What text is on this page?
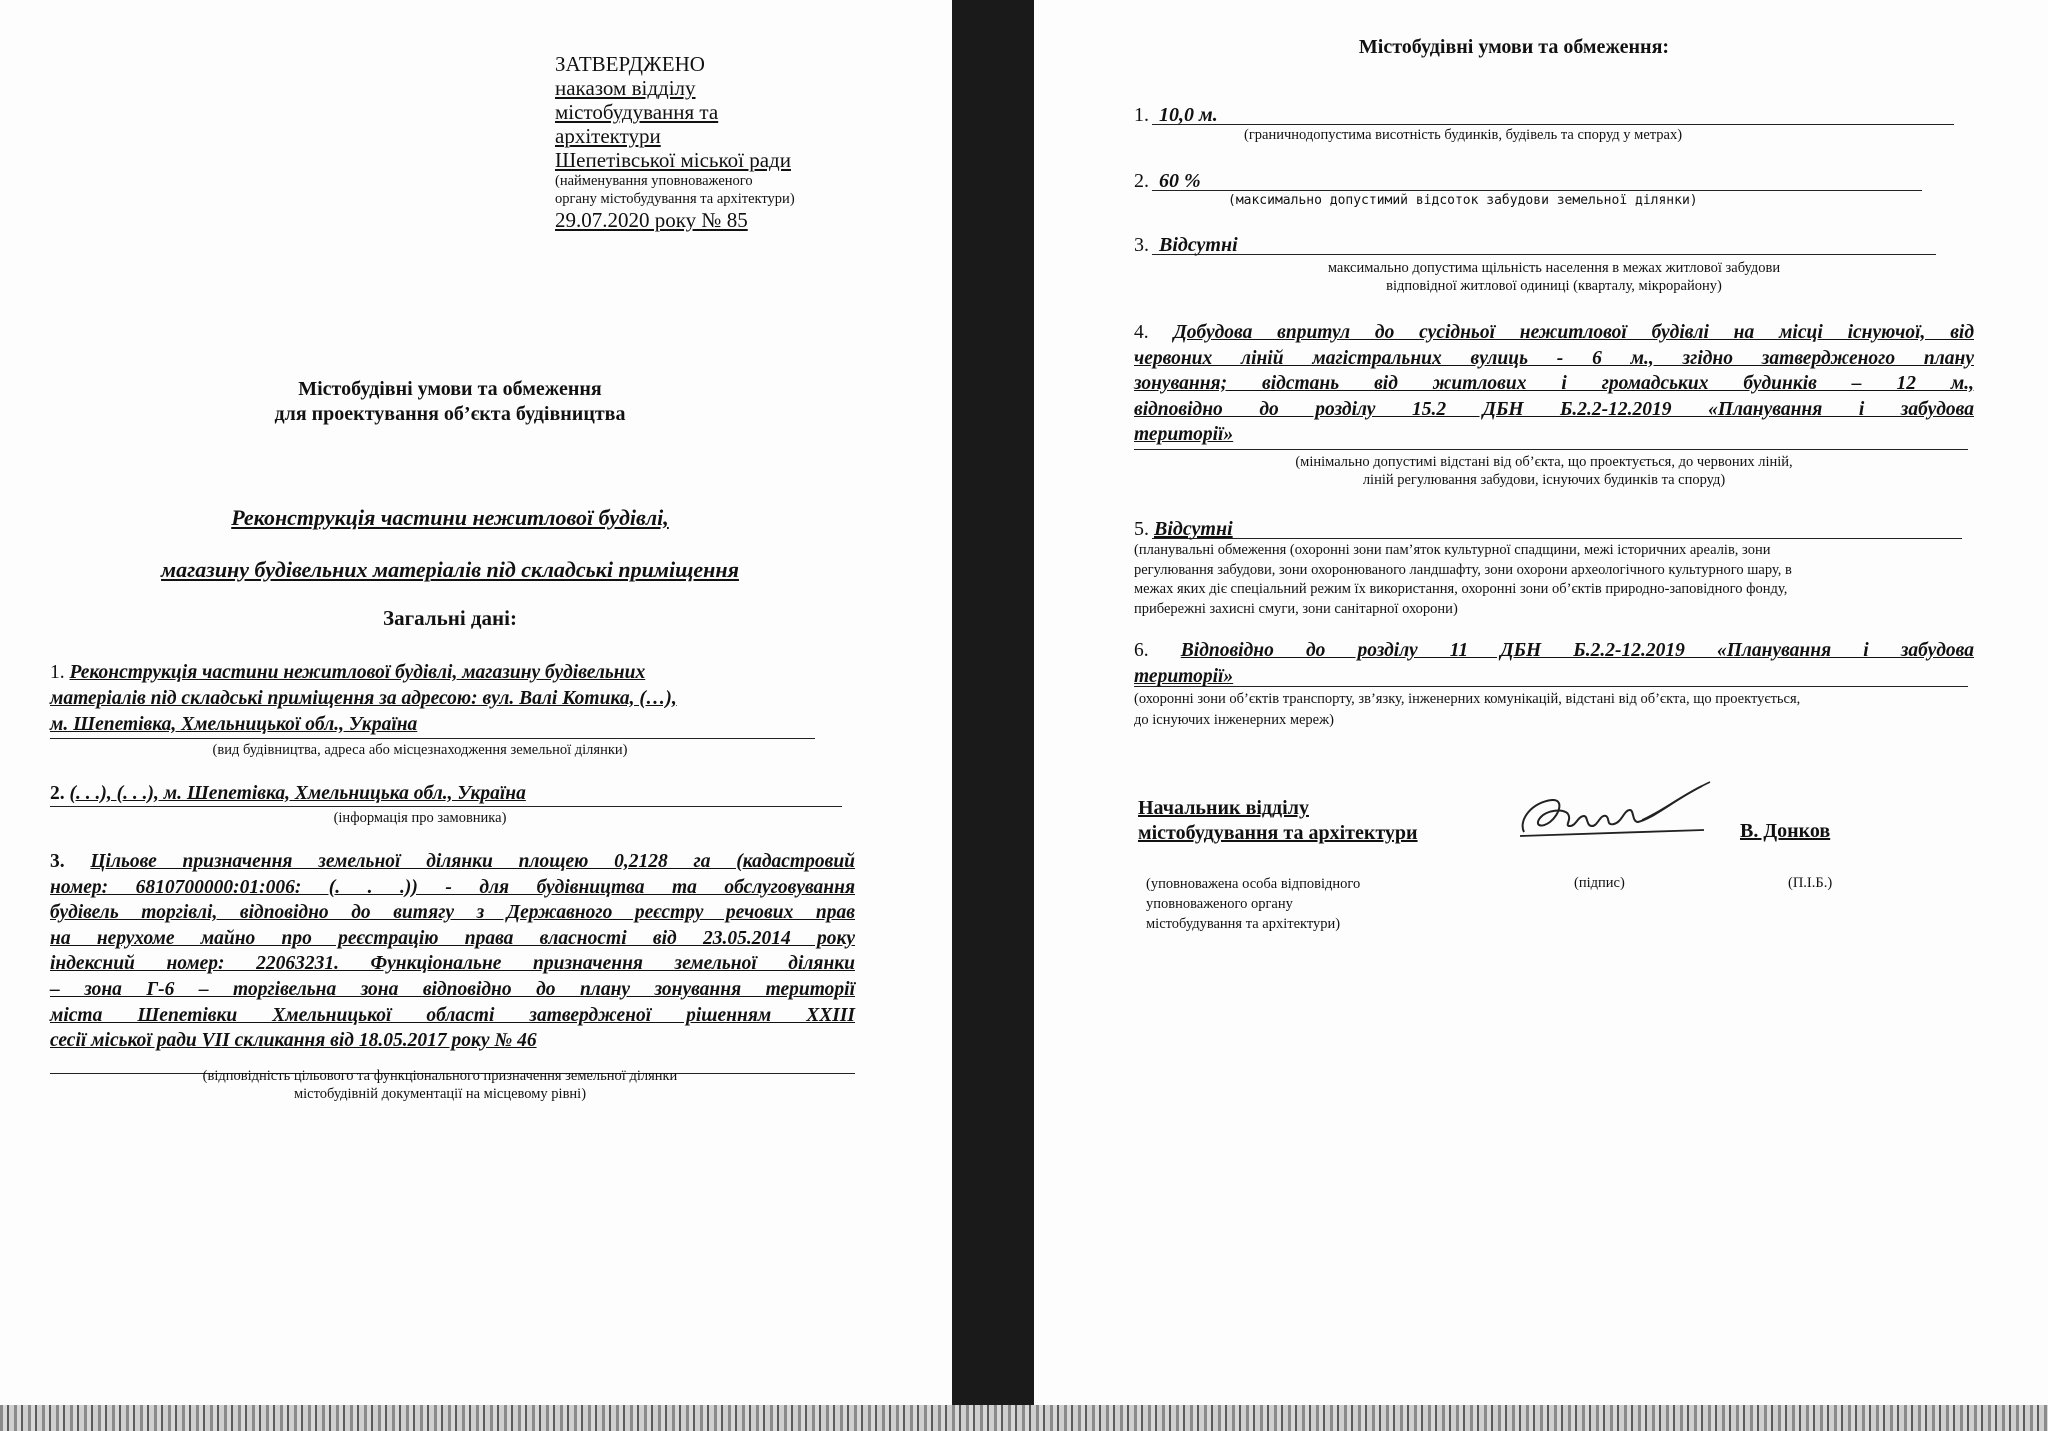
ЗАТВЕРДЖЕНО
наказом відділу
містобудування та
архітектури
Шепетівської міської ради
(найменування уповноваженого
органу містобудування та архітектури)
29.07.2020 року № 85
Містобудівні умови та обмеження
для проектування об’єкта будівництва
Реконструкція частини нежитлової будівлі,
магазину будівельних матеріалів під складські приміщення
Загальні дані:
1. Реконструкція частини нежитлової будівлі, магазину будівельних
матеріалів під складські приміщення за адресою: вул. Валі Котика, (…),
м. Шепетівка, Хмельницької обл., Україна
(вид будівництва, адреса або місцезнаходження земельної ділянки)
2. (. . .), (. . .), м. Шепетівка, Хмельницька обл., Україна
(інформація про замовника)
3. Цільове призначення земельної ділянки площею 0,2128 га (кадастровий
номер: 6810700000:01:006: (. . .)) - для будівництва та обслуговування
будівель торгівлі, відповідно до витягу з Державного реєстру речових прав
на нерухоме майно про реєстрацію права власності від 23.05.2014 року
індексний номер: 22063231. Функціональне призначення земельної ділянки
– зона Г-6 – торгівельна зона відповідно до плану зонування території
міста Шепетівки Хмельницької області затвердженої рішенням XXIII
сесії міської ради VII скликання від 18.05.2017 року № 46
(відповідність цільового та функціонального призначення земельної ділянки
містобудівній документації на місцевому рівні)
Містобудівні умови та обмеження:
1. 10,0 м.
(граничнодопустима висотність будинків, будівель та споруд у метрах)
2. 60 %
(максимально допустимий відсоток забудови земельної ділянки)
3. Відсутні
максимально допустима щільність населення в межах житлової забудови
відповідної житлової одиниці (кварталу, мікрорайону)
4. Добудова впритул до сусідньої нежитлової будівлі на місці існуючої, від
червоних ліній магістральних вулиць - 6 м., згідно затвердженого плану
зонування; відстань від житлових і громадських будинків – 12 м.,
відповідно до розділу 15.2 ДБН Б.2.2-12.2019 «Планування і забудова
території»
(мінімально допустимі відстані від об’єкта, що проектується, до червоних ліній,
ліній регулювання забудови, існуючих будинків та споруд)
5. Відсутні
(планувальні обмеження (охоронні зони пам’яток культурної спадщини, межі історичних ареалів, зони
регулювання забудови, зони охоронюваного ландшафту, зони охорони археологічного культурного шару, в
межах яких діє спеціальний режим їх використання, охоронні зони об’єктів природно-заповідного фонду,
прибережні захисні смуги, зони санітарної охорони)
6. Відповідно до розділу 11 ДБН Б.2.2-12.2019 «Планування і забудова
території»
(охоронні зони об’єктів транспорту, зв’язку, інженерних комунікацій, відстані від об’єкта, що проектується,
до існуючих інженерних мереж)
Начальник відділу
містобудування та архітектури	В. Донков
(уповноважена особа відповідного
уповноваженого органу
містобудування та архітектури)
(підпис)	(П.І.Б.)
